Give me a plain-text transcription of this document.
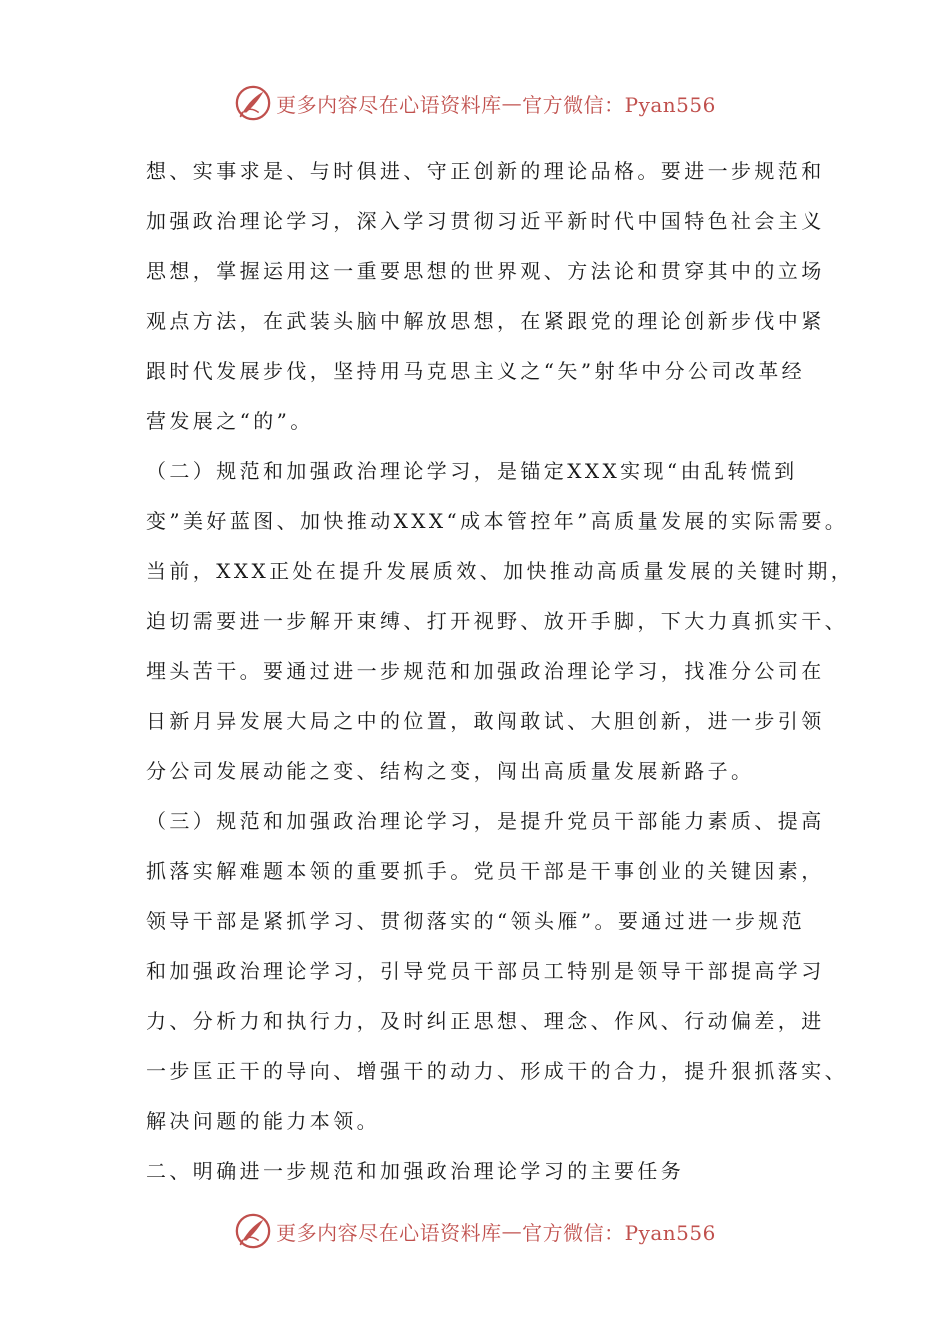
更多内容尽在心语资料库 — 官方微信：Pyan556
想、实事求是、与时俱进、守正创新的理论品格。要进一步规范和
加强政治理论学习，深入学习贯彻习近平新时代中国特色社会主义
思想，掌握运用这一重要思想的世界观、方法论和贯穿其中的立场
观点方法，在武装头脑中解放思想，在紧跟党的理论创新步伐中紧
跟时代发展步伐，坚持用马克思主义之“矢”射华中分公司改革经
营发展之“的”。
（二）规范和加强政治理论学习，是锚定XXX实现“由乱转慌到
变”美好蓝图、加快推动XXX“成本管控年”高质量发展的实际需要。
当前，XXX正处在提升发展质效、加快推动高质量发展的关键时期，
迫切需要进一步解开束缚、打开视野、放开手脚，下大力真抓实干、
埋头苦干。要通过进一步规范和加强政治理论学习，找准分公司在
日新月异发展大局之中的位置，敢闯敢试、大胆创新，进一步引领
分公司发展动能之变、结构之变，闯出高质量发展新路子。
（三）规范和加强政治理论学习，是提升党员干部能力素质、提高
抓落实解难题本领的重要抓手。党员干部是干事创业的关键因素，
领导干部是紧抓学习、贯彻落实的“领头雁”。要通过进一步规范
和加强政治理论学习，引导党员干部员工特别是领导干部提高学习
力、分析力和执行力，及时纠正思想、理念、作风、行动偏差，进
一步匡正干的导向、增强干的动力、形成干的合力，提升狠抓落实、
解决问题的能力本领。
二、明确进一步规范和加强政治理论学习的主要任务
更多内容尽在心语资料库 — 官方微信：Pyan556
